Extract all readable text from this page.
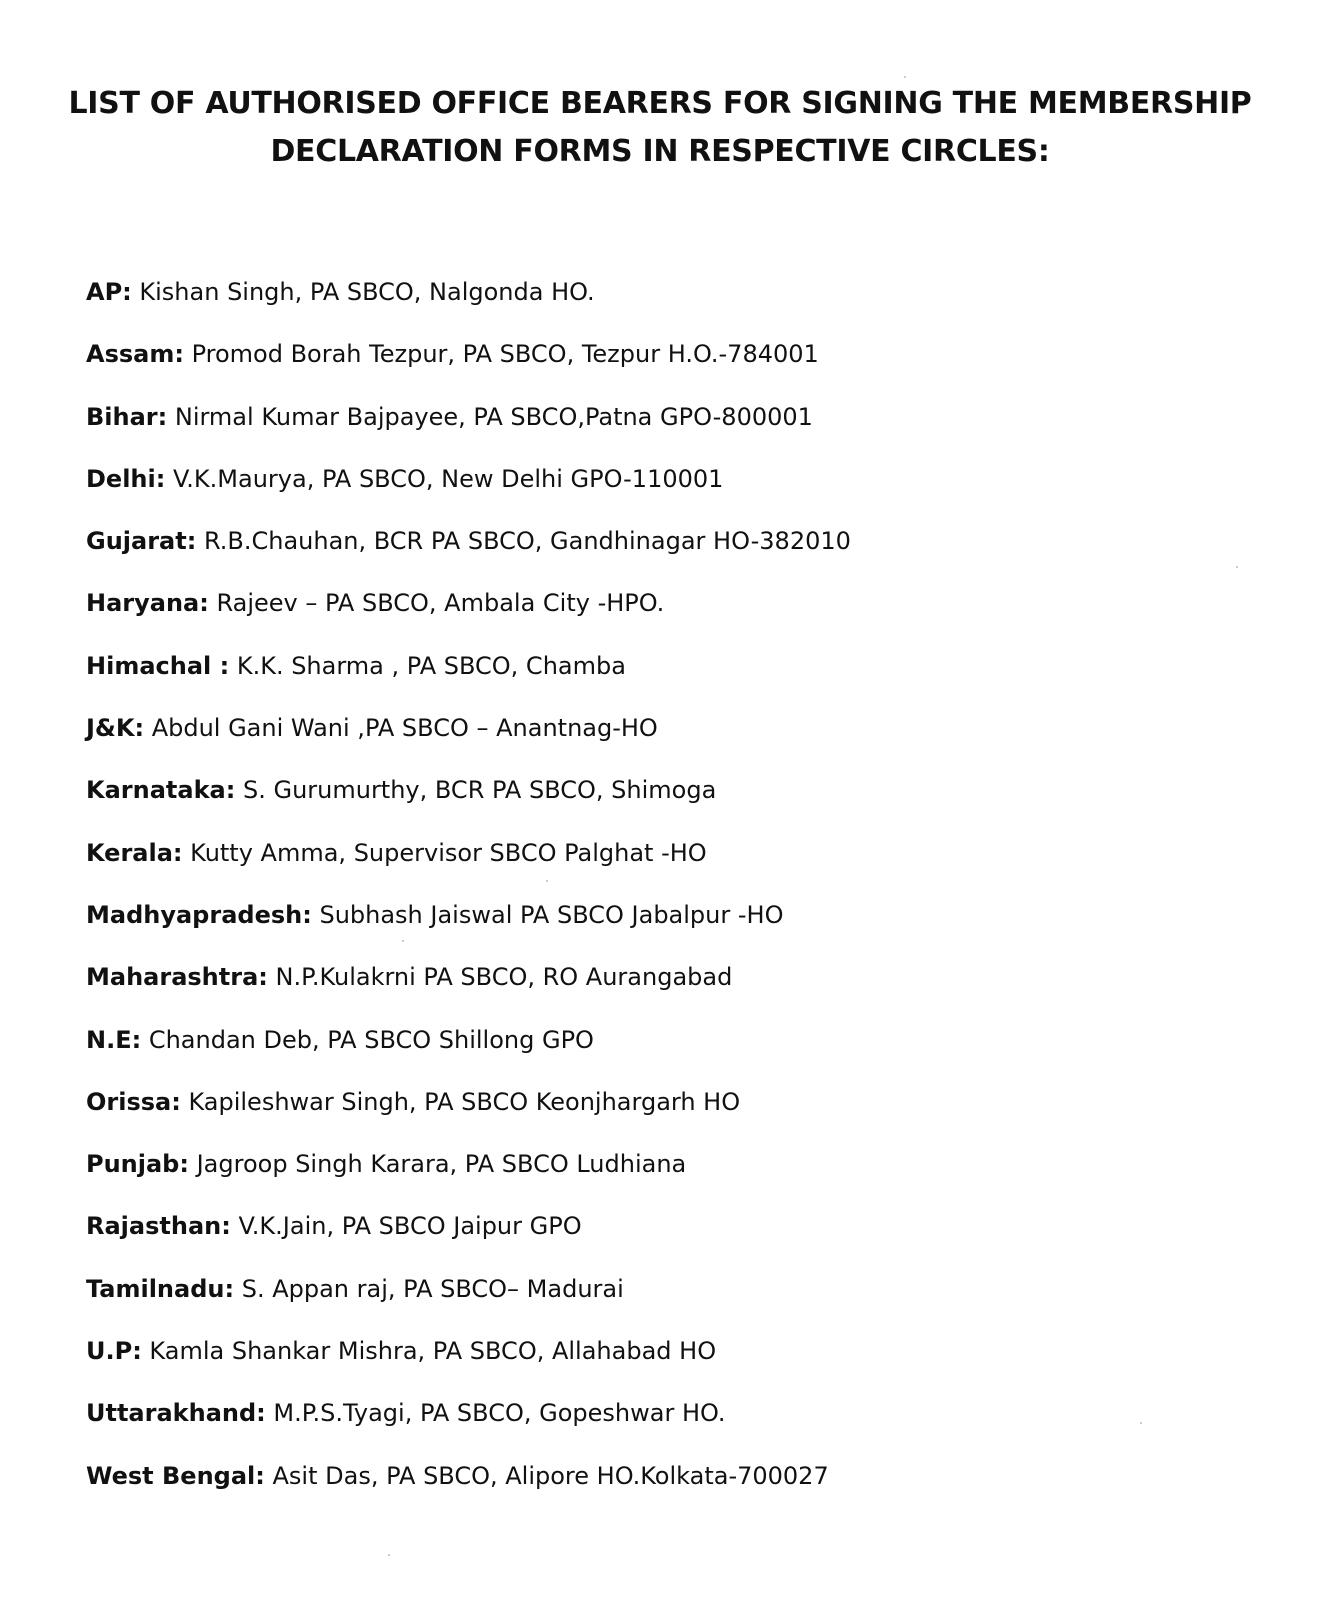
LIST OF AUTHORISED OFFICE BEARERS FOR SIGNING THE MEMBERSHIP
DECLARATION FORMS IN RESPECTIVE CIRCLES:
AP: Kishan Singh, PA SBCO, Nalgonda HO.
Assam: Promod Borah Tezpur, PA SBCO, Tezpur H.O.-784001
Bihar: Nirmal Kumar Bajpayee, PA SBCO,Patna GPO-800001
Delhi: V.K.Maurya, PA SBCO, New Delhi GPO-110001
Gujarat: R.B.Chauhan, BCR PA SBCO, Gandhinagar HO-382010
Haryana: Rajeev – PA SBCO, Ambala City -HPO.
Himachal : K.K. Sharma , PA SBCO, Chamba
J&K: Abdul Gani Wani ,PA SBCO – Anantnag-HO
Karnataka: S. Gurumurthy, BCR PA SBCO, Shimoga
Kerala: Kutty Amma, Supervisor SBCO Palghat -HO
Madhyapradesh: Subhash Jaiswal PA SBCO Jabalpur -HO
Maharashtra: N.P.Kulakrni PA SBCO, RO Aurangabad
N.E: Chandan Deb, PA SBCO Shillong GPO
Orissa: Kapileshwar Singh, PA SBCO Keonjhargarh HO
Punjab: Jagroop Singh Karara, PA SBCO Ludhiana
Rajasthan: V.K.Jain, PA SBCO Jaipur GPO
Tamilnadu: S. Appan raj, PA SBCO– Madurai
U.P: Kamla Shankar Mishra, PA SBCO, Allahabad HO
Uttarakhand: M.P.S.Tyagi, PA SBCO, Gopeshwar HO.
West Bengal: Asit Das, PA SBCO, Alipore HO.Kolkata-700027
